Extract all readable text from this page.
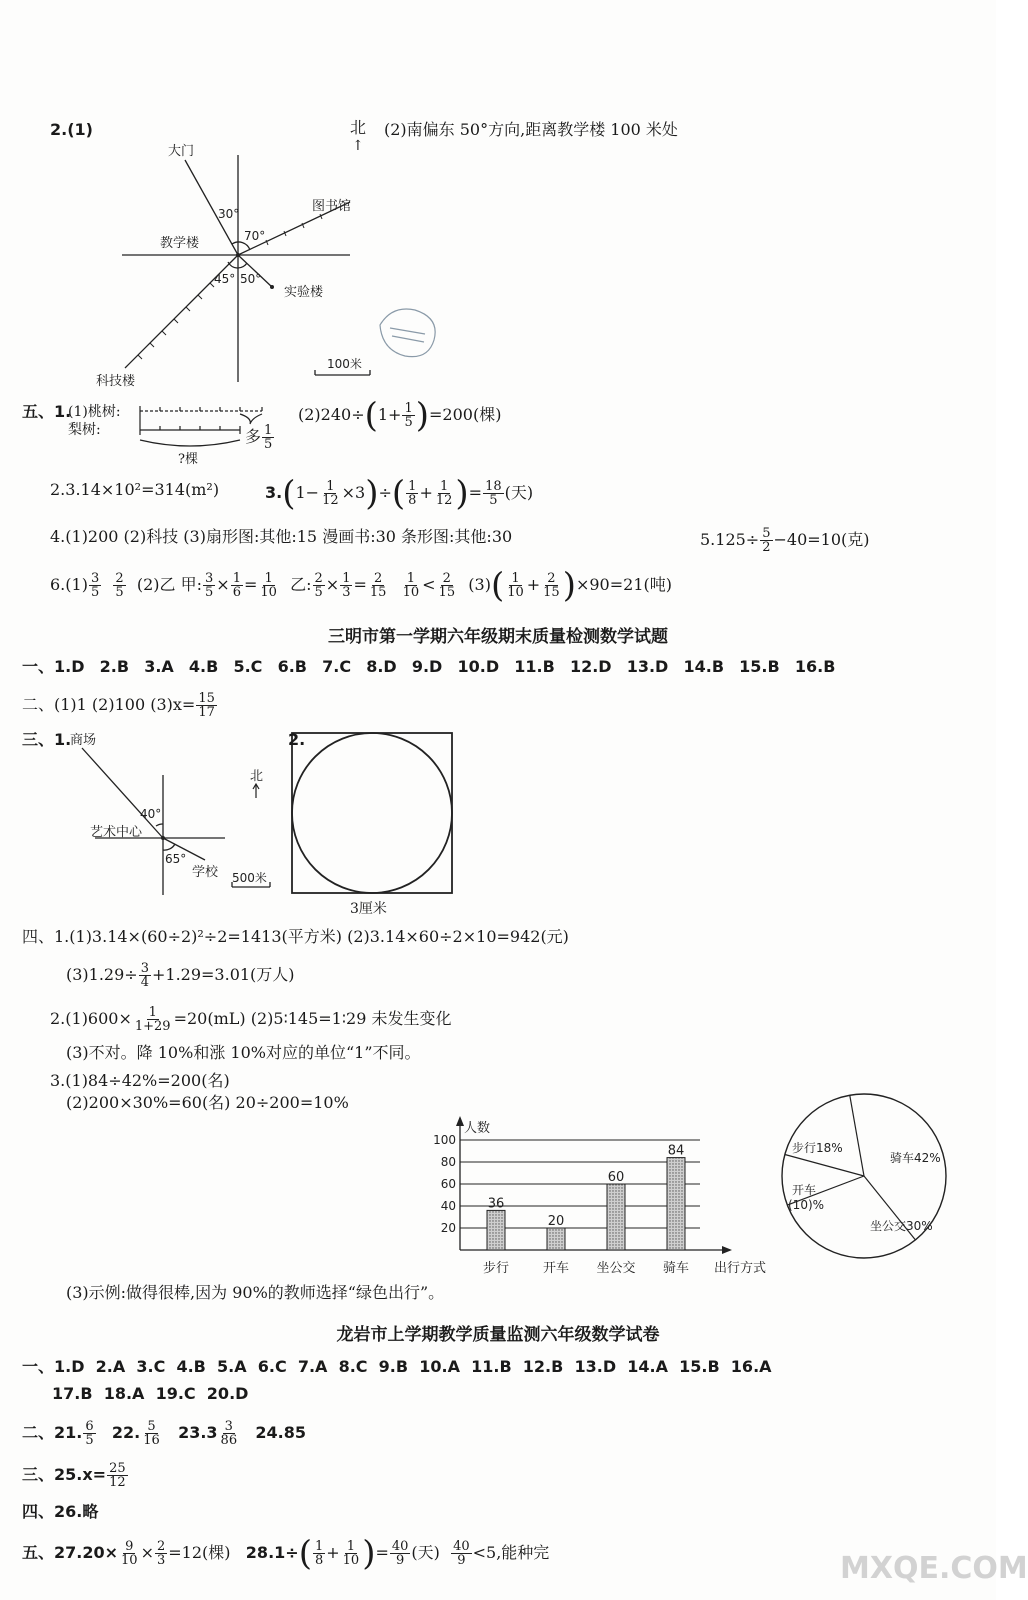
2.(1)	北
↑
(2)南偏东 50°方向,距离教学楼 100 米处
大门
图书馆
教学楼
实验楼
科技楼
30°
70°
45° 50°
100米
五、1.
(1)桃树:
梨树:	多 $\frac{1}{5}$
?棵
$(2)240\div(1+ \frac{1}{5} )=200$(棵)
2.3.14×10²=314(m²)	$3.(1- \frac{1}{12} \times 3)\div( \frac{1}{8} + \frac{1}{12}$ )= $\frac{18}{5}$ (天)
4.(1)200 (2)科技 (3)扇形图:其他:15 漫画书:30 条形图:其他:30	$5.125\div \frac{5}{2} -40=10$(克)
$6.(1) \frac{3}{5}$
$\frac{2}{5} (2)$乙 甲: $\frac{3}{5} \times \frac{1}{6} = \frac{1}{10}$ 乙: $\frac{2}{5} \times \frac{1}{3} = \frac{2}{15}$
$\frac{1}{10} < \frac{2}{15} (3)( \frac{1}{10} + \frac{2}{15} )\times 90=21$(吨)
三明市第一学期六年级期末质量检测数学试题
一、1.D 2.B 3.A 4.B 5.C 6.B 7.C 8.D 9.D 10.D 11.B 12.D 13.D 14.B 15.B 16.B
二、(1)1 (2)100 $(3)x= \frac{15}{17}$
三、1.
商场
艺术中心
学校
40°
65°
北
500米
2.
3厘米
四、1.(1)3.14×(60÷2)²÷2=1413(平方米) (2)3.14×60÷2×10=942(元)
$(3)1.29\div \frac{3}{4} +1.29=3.01$(万人)
$2.(1)600\times \frac{1}{1+29} =20(mL)$ (2)5∶145=1∶29 未发生变化
(3)不对。降 10%和涨 10%对应的单位“1”不同。
3.(1)84÷42%=200(名)
(2)200×30%=60(名) 20÷200=10%
20
40
60
80
100
人数
出行方式
36
步行
20
开车
60
坐公交
84
骑车
骑车42%
坐公交30%
开车(10)%
步行18%
(3)示例:做得很棒,因为 90%的教师选择“绿色出行”。
龙岩市上学期教学质量监测六年级数学试卷
一、1.D 2.A 3.C 4.B 5.A 6.C 7.A 8.C 9.B 10.A 11.B 12.B 13.D 14.A 15.B 16.A
17.B 18.A 19.C 20.D
二、21. $\frac{6}{5} 22$. $\frac{5}{16} 23.3 \frac{3}{86} 24.85$
三、$25.x= \frac{25}{12}$
四、26.略
五、$27.20\times \frac{9}{10} \times \frac{2}{3} =12$(棵) $28.1\div( \frac{1}{8} + \frac{1}{10}$ )= $\frac{40}{9}$ (天) $\frac{40}{9} <5$,能种完	MXQE.COM
